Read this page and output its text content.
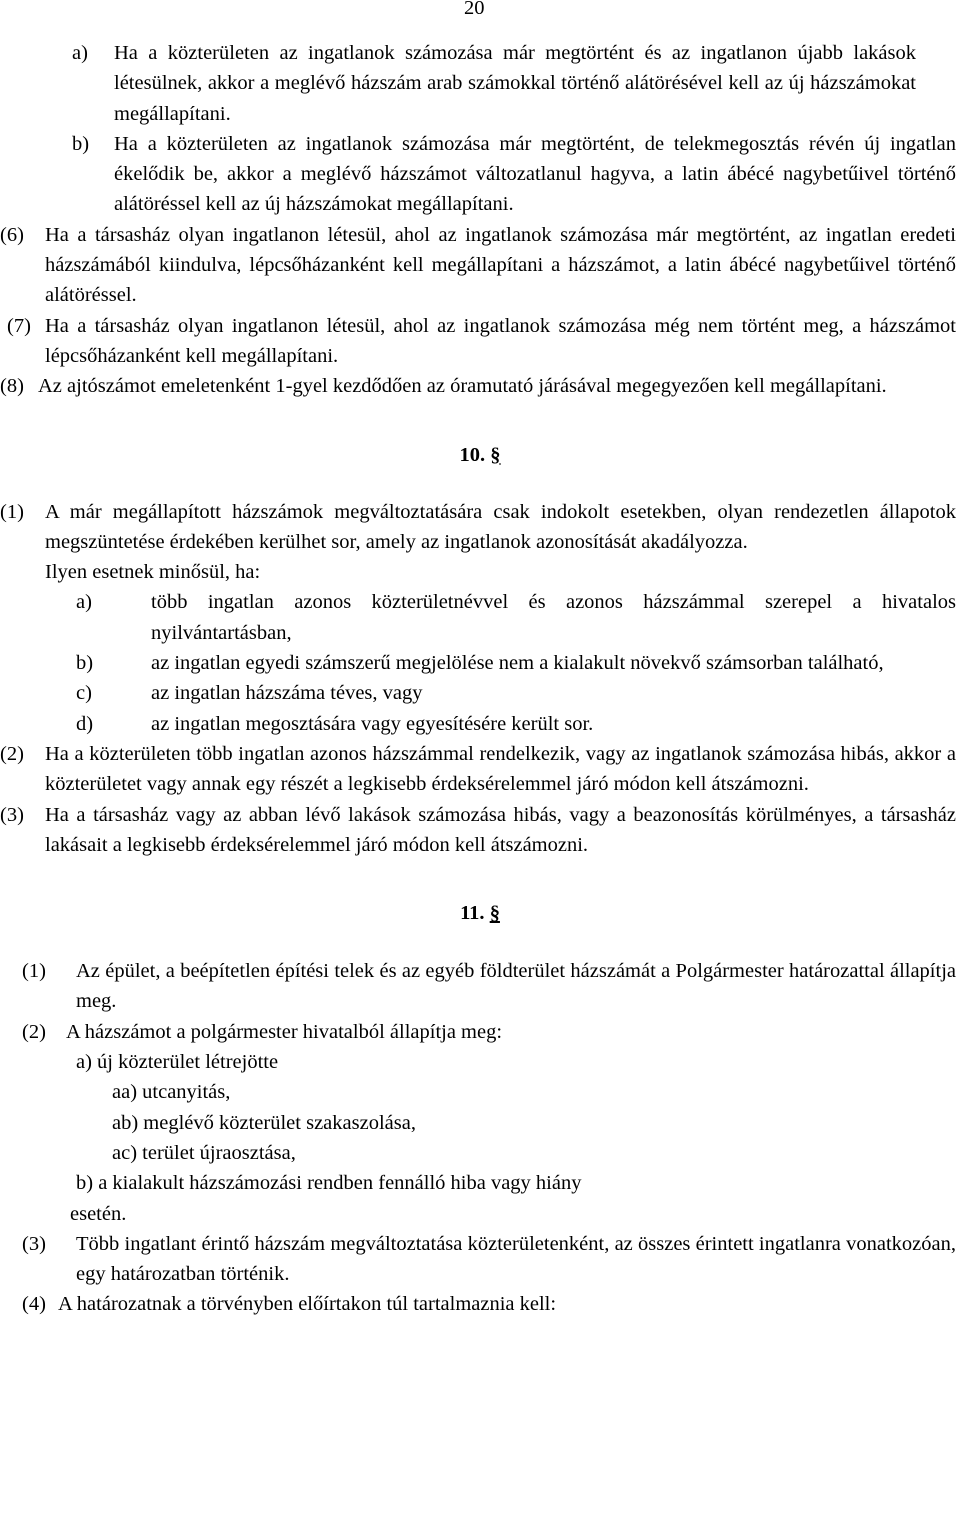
20
a) Ha a közterületen az ingatlanok számozása már megtörtént és az ingatlanon újabb lakások létesülnek, akkor a meglévő házszám arab számokkal történő alátörésével kell az új házszámokat megállapítani.
b) Ha a közterületen az ingatlanok számozása már megtörtént, de telekmegosztás révén új ingatlan ékelődik be, akkor a meglévő házszámot változatlanul hagyva, a latin ábécé nagybetűivel történő alátöréssel kell az új házszámokat megállapítani.
(6) Ha a társasház olyan ingatlanon létesül, ahol az ingatlanok számozása már megtörtént, az ingatlan eredeti házszámából kiindulva, lépcsőházanként kell megállapítani a házszámot, a latin ábécé nagybetűivel történő alátöréssel.
(7) Ha a társasház olyan ingatlanon létesül, ahol az ingatlanok számozása még nem történt meg, a házszámot lépcsőházanként kell megállapítani.
(8) Az ajtószámot emeletenként 1-gyel kezdődően az óramutató járásával megegyezően kell megállapítani.
10. §
(1) A már megállapított házszámok megváltoztatására csak indokolt esetekben, olyan rendezetlen állapotok megszüntetése érdekében kerülhet sor, amely az ingatlanok azonosítását akadályozza.
Ilyen esetnek minősül, ha:
a)	több ingatlan azonos közterületnévvel és azonos házszámmal szerepel a hivatalos nyilvántartásban,
b)	az ingatlan egyedi számszerű megjelölése nem a kialakult növekvő számsorban található,
c)	az ingatlan házszáma téves, vagy
d)	az ingatlan megosztására vagy egyesítésére került sor.
(2) Ha a közterületen több ingatlan azonos házszámmal rendelkezik, vagy az ingatlanok számozása hibás, akkor a közterületet vagy annak egy részét a legkisebb érdeksérelemmel járó módon kell átszámozni.
(3) Ha a társasház vagy az abban lévő lakások számozása hibás, vagy a beazonosítás körülményes, a társasház lakásait a legkisebb érdeksérelemmel járó módon kell átszámozni.
11. §
(1) Az épület, a beépítetlen építési telek és az egyéb földterület házszámát a Polgármester határozattal állapítja meg.
(2) A házszámot a polgármester hivatalból állapítja meg:
a) új közterület létrejötte
aa) utcanyitás,
ab) meglévő közterület szakaszolása,
ac) terület újraosztása,
b) a kialakult házszámozási rendben fennálló hiba vagy hiány
esetén.
(3) Több ingatlant érintő házszám megváltoztatása közterületenként, az összes érintett ingatlanra vonatkozóan, egy határozatban történik.
(4) A határozatnak a törvényben előírtakon túl tartalmaznia kell:
